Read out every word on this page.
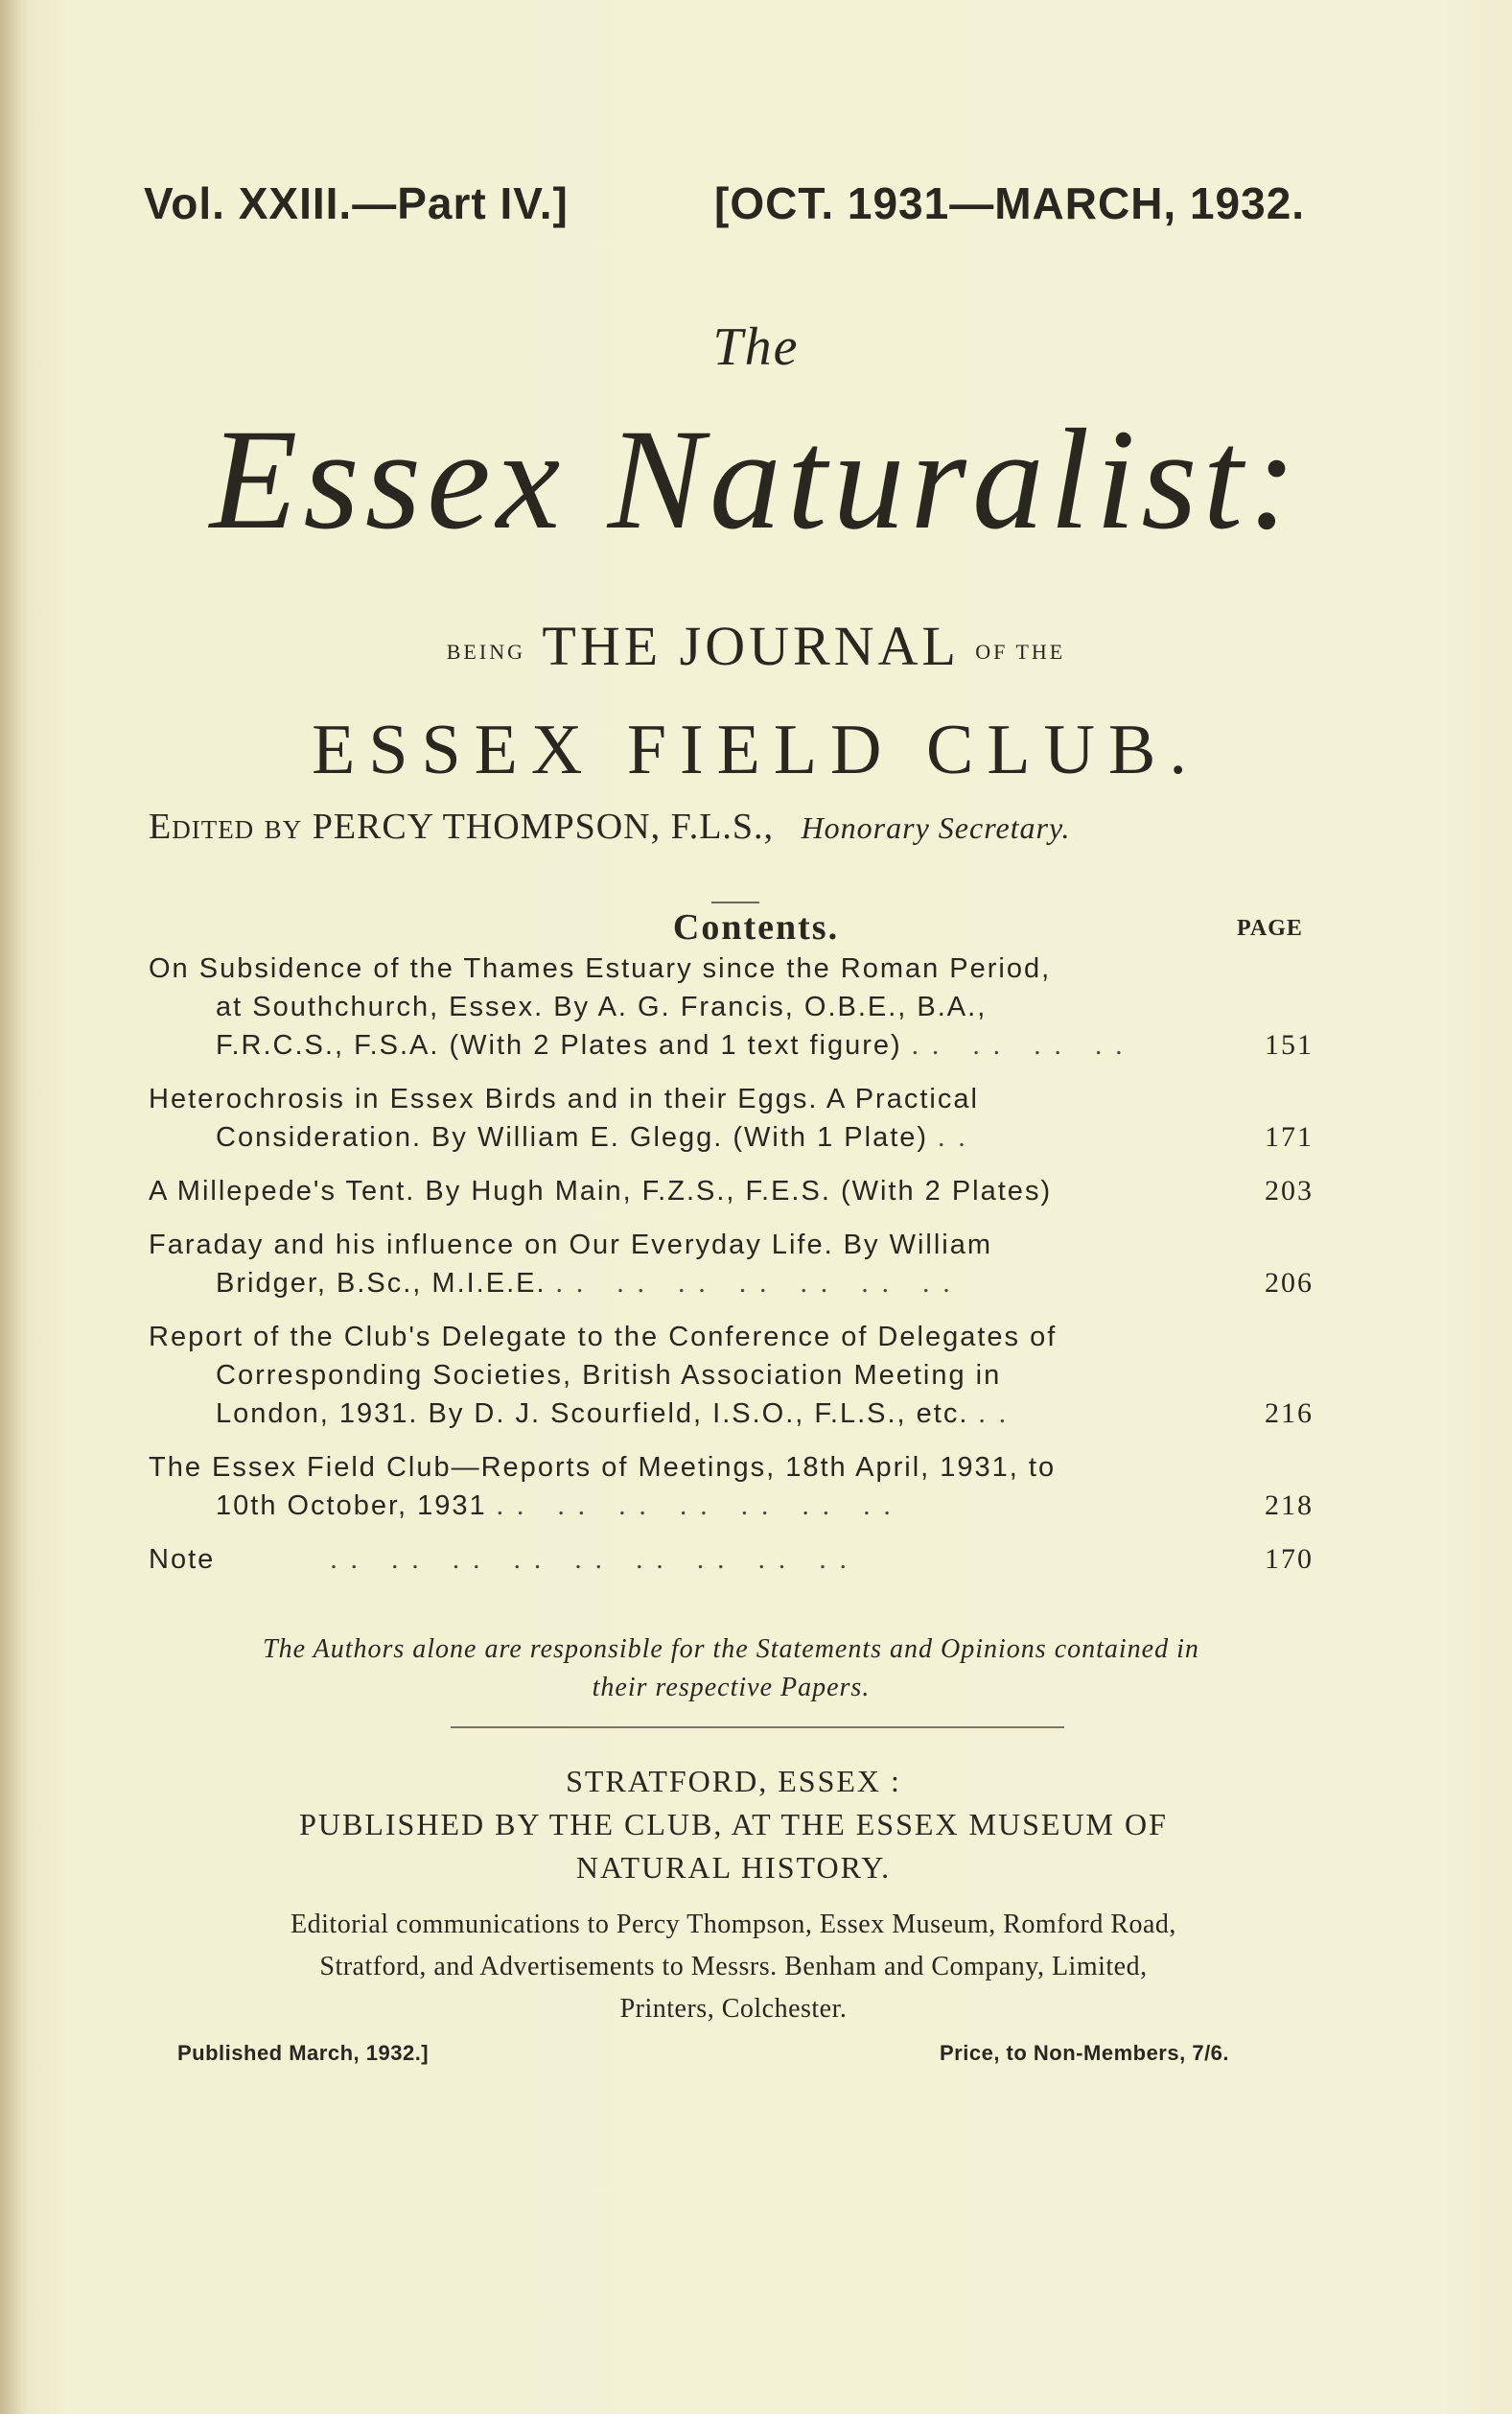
Vol. XXIII.—Part IV.]	[OCT. 1931—MARCH, 1932.
The
Essex Naturalist:
BEING THE JOURNAL OF THE
ESSEX FIELD CLUB.
Edited by PERCY THOMPSON, F.L.S., Honorary Secretary.
Contents.	PAGE
On Subsidence of the Thames Estuary since the Roman Period,
at Southchurch, Essex. By A. G. Francis, O.B.E., B.A.,
F.R.C.S., F.S.A. (With 2 Plates and 1 text figure) .. .. .. ..	151
Heterochrosis in Essex Birds and in their Eggs. A Practical
Consideration. By William E. Glegg. (With 1 Plate) ..	171
A Millepede's Tent. By Hugh Main, F.Z.S., F.E.S. (With 2 Plates)	203
Faraday and his influence on Our Everyday Life. By William
Bridger, B.Sc., M.I.E.E. .. .. .. .. .. .. ..	206
Report of the Club's Delegate to the Conference of Delegates of
Corresponding Societies, British Association Meeting in
London, 1931. By D. J. Scourfield, I.S.O., F.L.S., etc. ..	216
The Essex Field Club—Reports of Meetings, 18th April, 1931, to
10th October, 1931 .. .. .. .. .. .. ..	218
Note	.. .. .. .. .. .. .. .. ..	170
The Authors alone are responsible for the Statements and Opinions contained in
their respective Papers.
STRATFORD, ESSEX :
PUBLISHED BY THE CLUB, AT THE ESSEX MUSEUM OF
NATURAL HISTORY.
Editorial communications to Percy Thompson, Essex Museum, Romford Road,
Stratford, and Advertisements to Messrs. Benham and Company, Limited,
Printers, Colchester.
Published March, 1932.]	Price, to Non-Members, 7/6.
